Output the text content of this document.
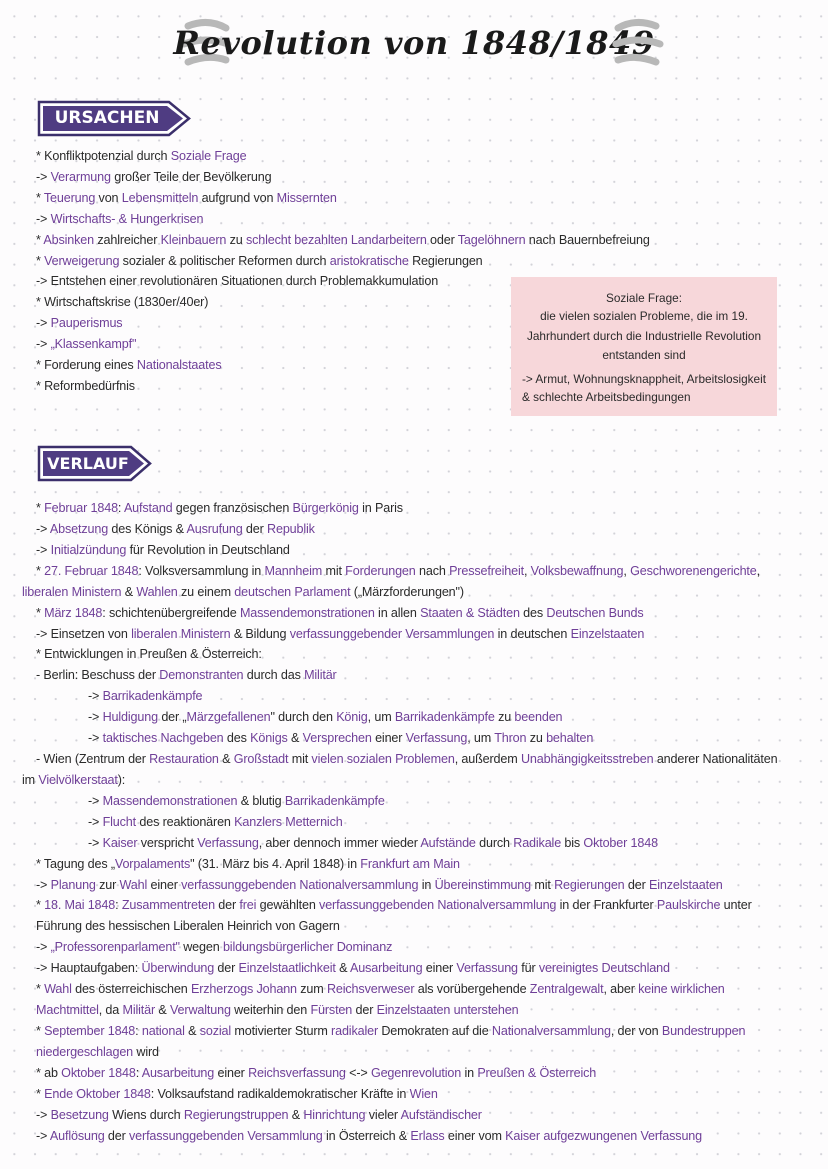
Revolution von 1848/1849
URSACHEN
* Konfliktpotenzial durch Soziale Frage
-> Verarmung großer Teile der Bevölkerung
* Teuerung von Lebensmitteln aufgrund von Missernten
-> Wirtschafts- & Hungerkrisen
* Absinken zahlreicher Kleinbauern zu schlecht bezahlten Landarbeitern oder Tagelöhnern nach Bauernbefreiung
* Verweigerung sozialer & politischer Reformen durch aristokratische Regierungen
-> Entstehen einer revolutionären Situationen durch Problemakkumulation
* Wirtschaftskrise (1830er/40er)
-> Pauperismus
-> „Klassenkampf"
* Forderung eines Nationalstaates
* Reformbedürfnis
Soziale Frage:
die vielen sozialen Probleme, die im 19.
Jahrhundert durch die Industrielle Revolution
entstanden sind
-> Armut, Wohnungsknappheit, Arbeitslosigkeit
& schlechte Arbeitsbedingungen
VERLAUF
* Februar 1848: Aufstand gegen französischen Bürgerkönig in Paris
-> Absetzung des Königs & Ausrufung der Republik
-> Initialzündung für Revolution in Deutschland
* 27. Februar 1848: Volksversammlung in Mannheim mit Forderungen nach Pressefreiheit, Volksbewaffnung, Geschworenengerichte,
liberalen Ministern & Wahlen zu einem deutschen Parlament („Märzforderungen")
* März 1848: schichtenübergreifende Massendemonstrationen in allen Staaten & Städten des Deutschen Bunds
-> Einsetzen von liberalen Ministern & Bildung verfassunggebender Versammlungen in deutschen Einzelstaaten
* Entwicklungen in Preußen & Österreich:
- Berlin: Beschuss der Demonstranten durch das Militär
-> Barrikadenkämpfe
-> Huldigung der „Märzgefallenen" durch den König, um Barrikadenkämpfe zu beenden
-> taktisches Nachgeben des Königs & Versprechen einer Verfassung, um Thron zu behalten
- Wien (Zentrum der Restauration & Großstadt mit vielen sozialen Problemen, außerdem Unabhängigkeitsstreben anderer Nationalitäten
im Vielvölkerstaat):
-> Massendemonstrationen & blutig Barrikadenkämpfe
-> Flucht des reaktionären Kanzlers Metternich
-> Kaiser verspricht Verfassung, aber dennoch immer wieder Aufstände durch Radikale bis Oktober 1848
* Tagung des „Vorpalaments" (31. März bis 4. April 1848) in Frankfurt am Main
-> Planung zur Wahl einer verfassunggebenden Nationalversammlung in Übereinstimmung mit Regierungen der Einzelstaaten
* 18. Mai 1848: Zusammentreten der frei gewählten verfassunggebenden Nationalversammlung in der Frankfurter Paulskirche unter
Führung des hessischen Liberalen Heinrich von Gagern
-> „Professorenparlament" wegen bildungsbürgerlicher Dominanz
-> Hauptaufgaben: Überwindung der Einzelstaatlichkeit & Ausarbeitung einer Verfassung für vereinigtes Deutschland
* Wahl des österreichischen Erzherzogs Johann zum Reichsverweser als vorübergehende Zentralgewalt, aber keine wirklichen
Machtmittel, da Militär & Verwaltung weiterhin den Fürsten der Einzelstaaten unterstehen
* September 1848: national & sozial motivierter Sturm radikaler Demokraten auf die Nationalversammlung, der von Bundestruppen
niedergeschlagen wird
* ab Oktober 1848: Ausarbeitung einer Reichsverfassung <-> Gegenrevolution in Preußen & Österreich
* Ende Oktober 1848: Volksaufstand radikaldemokratischer Kräfte in Wien
-> Besetzung Wiens durch Regierungstruppen & Hinrichtung vieler Aufständischer
-> Auflösung der verfassunggebenden Versammlung in Österreich & Erlass einer vom Kaiser aufgezwungenen Verfassung
